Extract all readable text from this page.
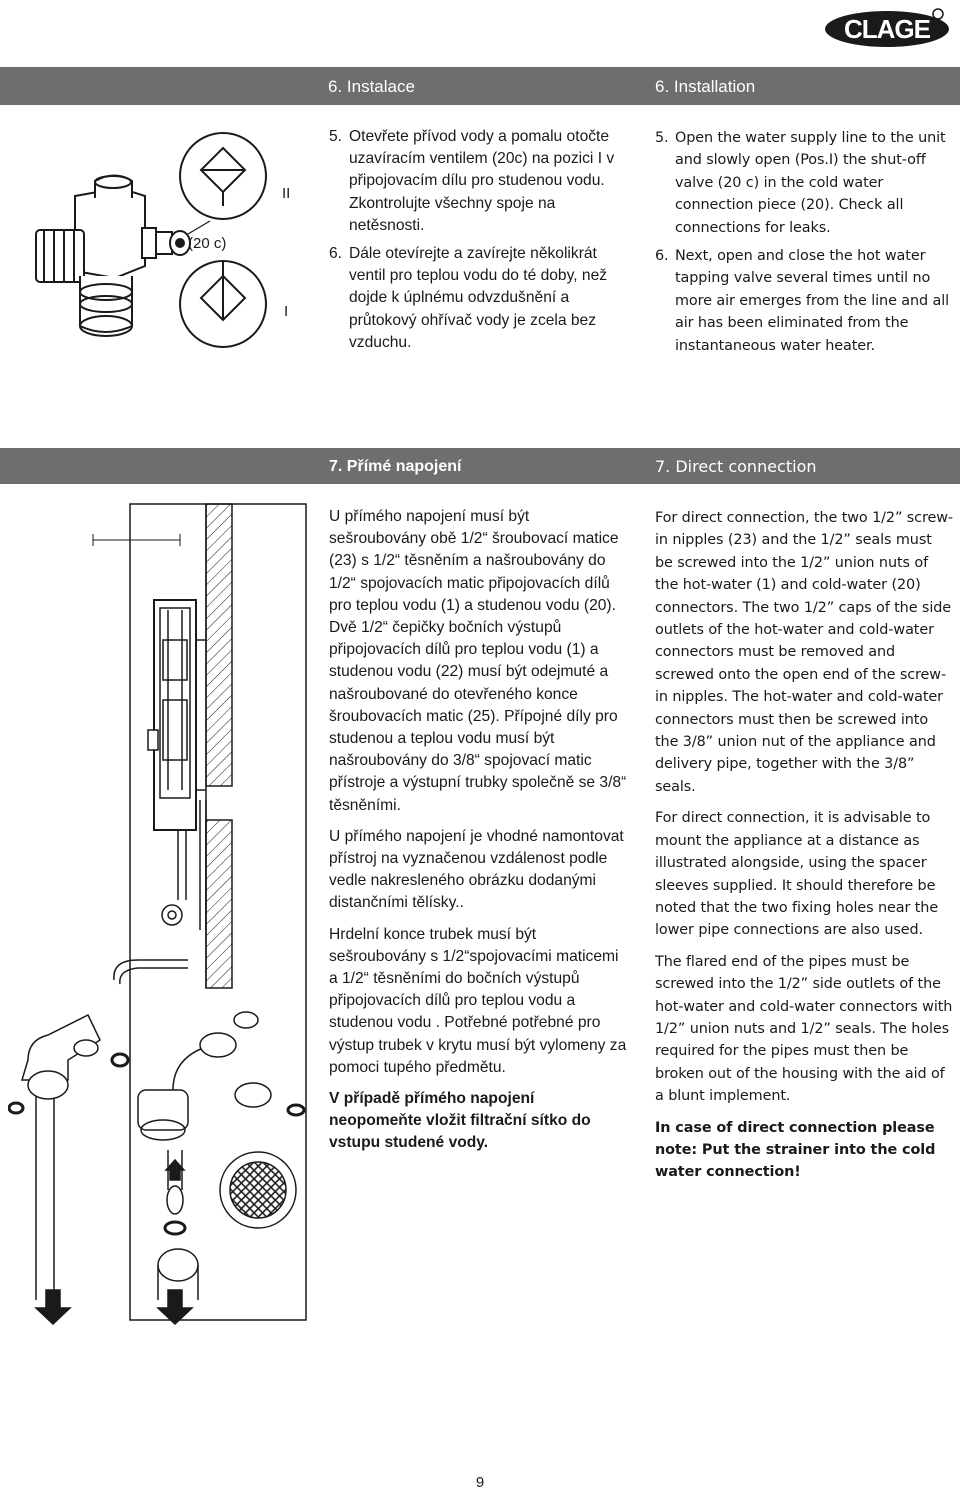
CLAGE
6. Instalace	6. Installation
(20 c)
II
I
5. Otevřete přívod vody a pomalu otočte uzavíracím ventilem (20c) na pozici I v připojovacím dílu pro studenou vodu. Zkontrolujte všechny spoje na netěsnosti.
6. Dále otevírejte a zavírejte několikrát ventil pro teplou vodu do té doby, než dojde k úplnému odvzdušnění a průtokový ohřívač vody je zcela bez vzduchu.
5. Open the water supply line to the unit and slowly open (Pos.I) the shut-off valve (20 c) in the cold water connection piece (20). Check all connections for leaks.
6. Next, open and close the hot water tapping valve several times until no more air emerges from the line and all air has been eliminated from the instantaneous water heater.
7. Přímé napojení	7. Direct connection

U přímého napojení musí být sešroubovány obě 1/2“ šroubovací matice (23) s 1/2“ těsněním a našroubovány do 1/2“ spojovacích matic připojovacích dílů pro teplou vodu (1) a studenou vodu (20). Dvě 1/2“ čepičky bočních výstupů připojovacích dílů pro teplou vodu (1) a studenou vodu (22) musí být odejmuté a našroubované do otevřeného konce šroubovacích matic (25). Přípojné díly pro studenou a teplou vodu musí být našroubovány do 3/8“ spojovací matic přístroje a výstupní trubky společně se 3/8“ těsněními.

U přímého napojení je vhodné namontovat přístroj na vyznačenou vzdálenost podle vedle nakresleného obrázku dodanými distančními tělísky..

Hrdelní konce trubek musí být sešroubovány s 1/2“spojovacími maticemi a 1/2“ těsněními do bočních výstupů připojovacích dílů pro teplou vodu a studenou vodu . Potřebné potřebné pro výstup trubek v krytu musí být vylomeny za pomoci tupého předmětu.

V případě přímého napojení neopomeňte vložit filtrační sítko do vstupu studené vody.

For direct connection, the two 1/2” screw-in nipples (23) and the 1/2” seals must be screwed into the 1/2” union nuts of the hot-water (1) and cold-water (20) connectors. The two 1/2” caps of the side outlets of the hot-water and cold-water connectors must be removed and screwed onto the open end of the screw-in nipples. The hot-water and cold-water connectors must then be screwed into the 3/8” union nut of the appliance and delivery pipe, together with the 3/8” seals.

For direct connection, it is advisable to mount the appliance at a distance as illustrated alongside, using the spacer sleeves supplied. It should therefore be noted that the two fixing holes near the lower pipe connections are also used.

The flared end of the pipes must be screwed into the 1/2” side outlets of the hot-water and cold-water connectors with 1/2” union nuts and 1/2” seals. The holes required for the pipes must then be broken out of the housing with the aid of a blunt implement.

In case of direct connection please note: Put the strainer into the cold water connection!

9
